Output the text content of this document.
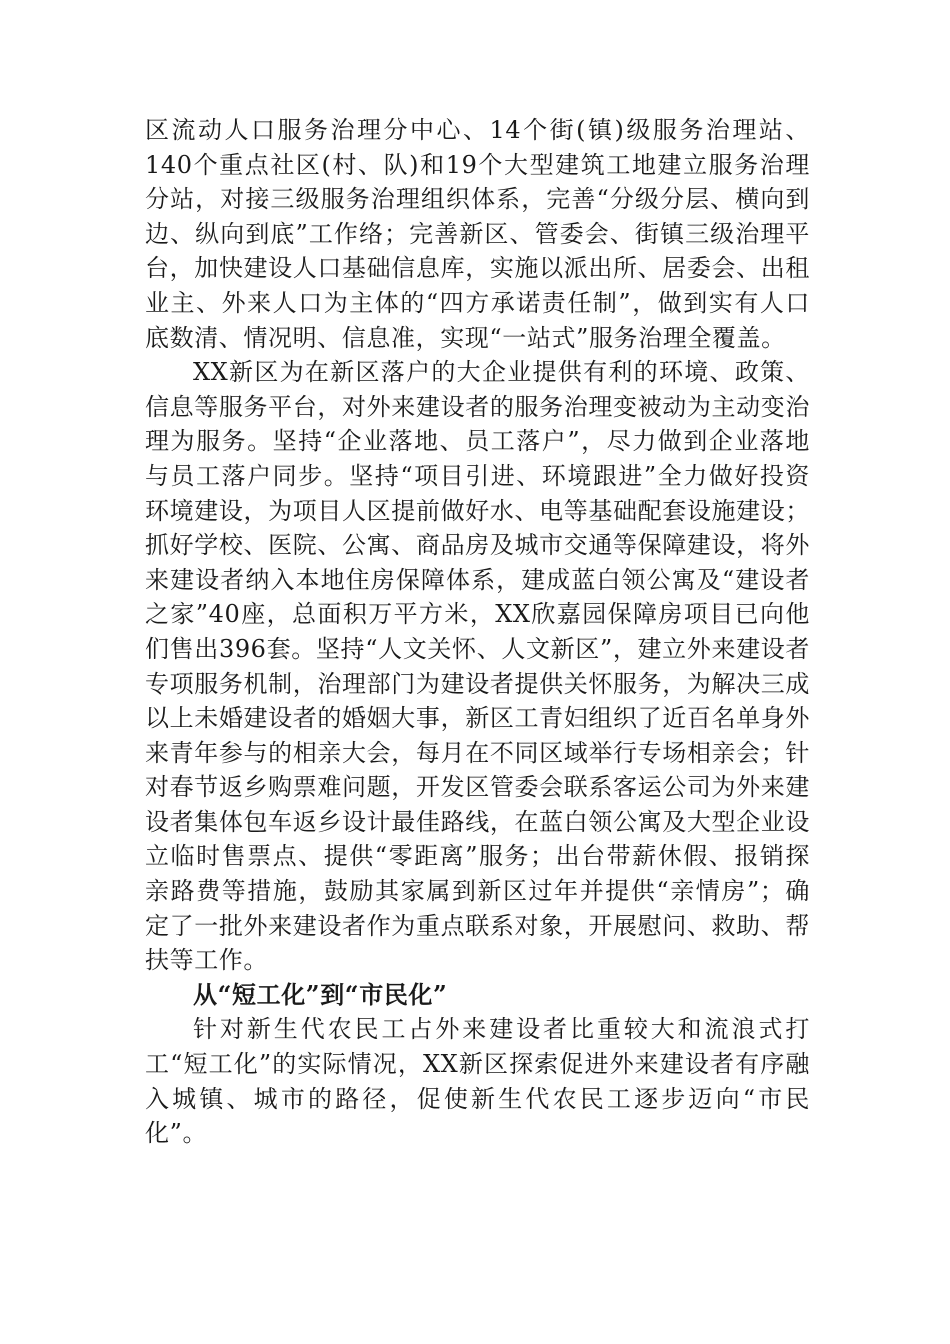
区流动人口服务治理分中心、14个街(镇)级服务治理站、140个重点社区(村、队)和19个大型建筑工地建立服务治理分站，对接三级服务治理组织体系，完善“分级分层、横向到边、纵向到底”工作络；完善新区、管委会、街镇三级治理平台，加快建设人口基础信息库，实施以派出所、居委会、出租业主、外来人口为主体的“四方承诺责任制”，做到实有人口底数清、情况明、信息准，实现“一站式”服务治理全覆盖。

XX新区为在新区落户的大企业提供有利的环境、政策、信息等服务平台，对外来建设者的服务治理变被动为主动变治理为服务。坚持“企业落地、员工落户”，尽力做到企业落地与员工落户同步。坚持“项目引进、环境跟进”全力做好投资环境建设，为项目人区提前做好水、电等基础配套设施建设；抓好学校、医院、公寓、商品房及城市交通等保障建设，将外来建设者纳入本地住房保障体系，建成蓝白领公寓及“建设者之家”40座，总面积万平方米，XX欣嘉园保障房项目已向他们售出396套。坚持“人文关怀、人文新区”，建立外来建设者专项服务机制，治理部门为建设者提供关怀服务，为解决三成以上未婚建设者的婚姻大事，新区工青妇组织了近百名单身外来青年参与的相亲大会，每月在不同区域举行专场相亲会；针对春节返乡购票难问题，开发区管委会联系客运公司为外来建设者集体包车返乡设计最佳路线，在蓝白领公寓及大型企业设立临时售票点、提供“零距离”服务；出台带薪休假、报销探亲路费等措施，鼓励其家属到新区过年并提供“亲情房”；确定了一批外来建设者作为重点联系对象，开展慰问、救助、帮扶等工作。

从“短工化”到“市民化”

针对新生代农民工占外来建设者比重较大和流浪式打工“短工化”的实际情况，XX新区探索促进外来建设者有序融入城镇、城市的路径，促使新生代农民工逐步迈向“市民化”。
